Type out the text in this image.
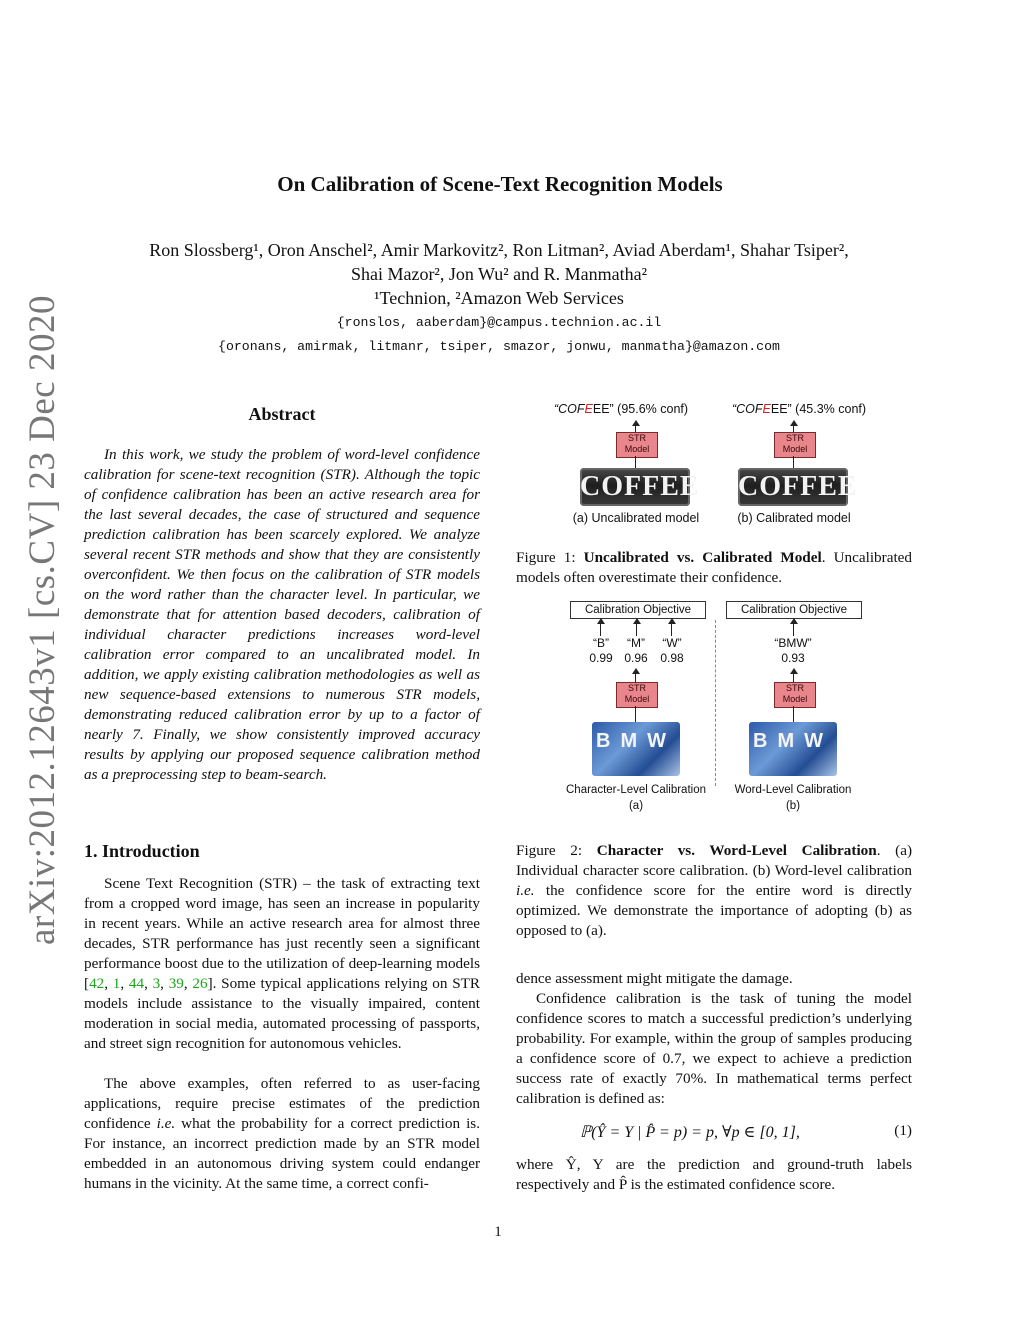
arXiv:2012.12643v1 [cs.CV] 23 Dec 2020
On Calibration of Scene-Text Recognition Models
Ron Slossberg¹, Oron Anschel², Amir Markovitz², Ron Litman², Aviad Aberdam¹, Shahar Tsiper²,
Shai Mazor², Jon Wu² and R. Manmatha²
¹Technion, ²Amazon Web Services
{ronslos, aaberdam}@campus.technion.ac.il
{oronans, amirmak, litmanr, tsiper, smazor, jonwu, manmatha}@amazon.com
Abstract
In this work, we study the problem of word-level confidence calibration for scene-text recognition (STR). Although the topic of confidence calibration has been an active research area for the last several decades, the case of structured and sequence prediction calibration has been scarcely explored. We analyze several recent STR methods and show that they are consistently overconfident. We then focus on the calibration of STR models on the word rather than the character level. In particular, we demonstrate that for attention based decoders, calibration of individual character predictions increases word-level calibration error compared to an uncalibrated model. In addition, we apply existing calibration methodologies as well as new sequence-based extensions to numerous STR models, demonstrating reduced calibration error by up to a factor of nearly 7. Finally, we show consistently improved accuracy results by applying our proposed sequence calibration method as a preprocessing step to beam-search.
1. Introduction
Scene Text Recognition (STR) – the task of extracting text from a cropped word image, has seen an increase in popularity in recent years. While an active research area for almost three decades, STR performance has just recently seen a significant performance boost due to the utilization of deep-learning models [42, 1, 44, 3, 39, 26]. Some typical applications relying on STR models include assistance to the visually impaired, content moderation in social media, automated processing of passports, and street sign recognition for autonomous vehicles.
The above examples, often referred to as user-facing applications, require precise estimates of the prediction confidence i.e. what the probability for a correct prediction is. For instance, an incorrect prediction made by an STR model embedded in an autonomous driving system could endanger humans in the vicinity. At the same time, a correct confi-
“COFEEE” (95.6% conf)	“COFEEE” (45.3% conf)
STR Model
STR Model
COFFEE COFFEE
(a) Uncalibrated model	(b) Calibrated model
Figure 1: Uncalibrated vs. Calibrated Model. Uncalibrated models often overestimate their confidence.
Calibration Objective
“B”	“M”	“W”
0.99 0.96 0.98
STR Model
BMW
Character-Level Calibration
(a)
Calibration Objective
“BMW”
0.93
STR Model
BMW
Word-Level Calibration
(b)
Figure 2: Character vs. Word-Level Calibration. (a) Individual character score calibration. (b) Word-level calibration i.e. the confidence score for the entire word is directly optimized. We demonstrate the importance of adopting (b) as opposed to (a).
dence assessment might mitigate the damage.
Confidence calibration is the task of tuning the model confidence scores to match a successful prediction’s underlying probability. For example, within the group of samples producing a confidence score of 0.7, we expect to achieve a prediction success rate of exactly 70%. In mathematical terms perfect calibration is defined as:
ℙ(Ŷ = Y | P̂ = p) = p, ∀p ∈ [0, 1],	(1)
where Ŷ, Y are the prediction and ground-truth labels respectively and P̂ is the estimated confidence score.
1
